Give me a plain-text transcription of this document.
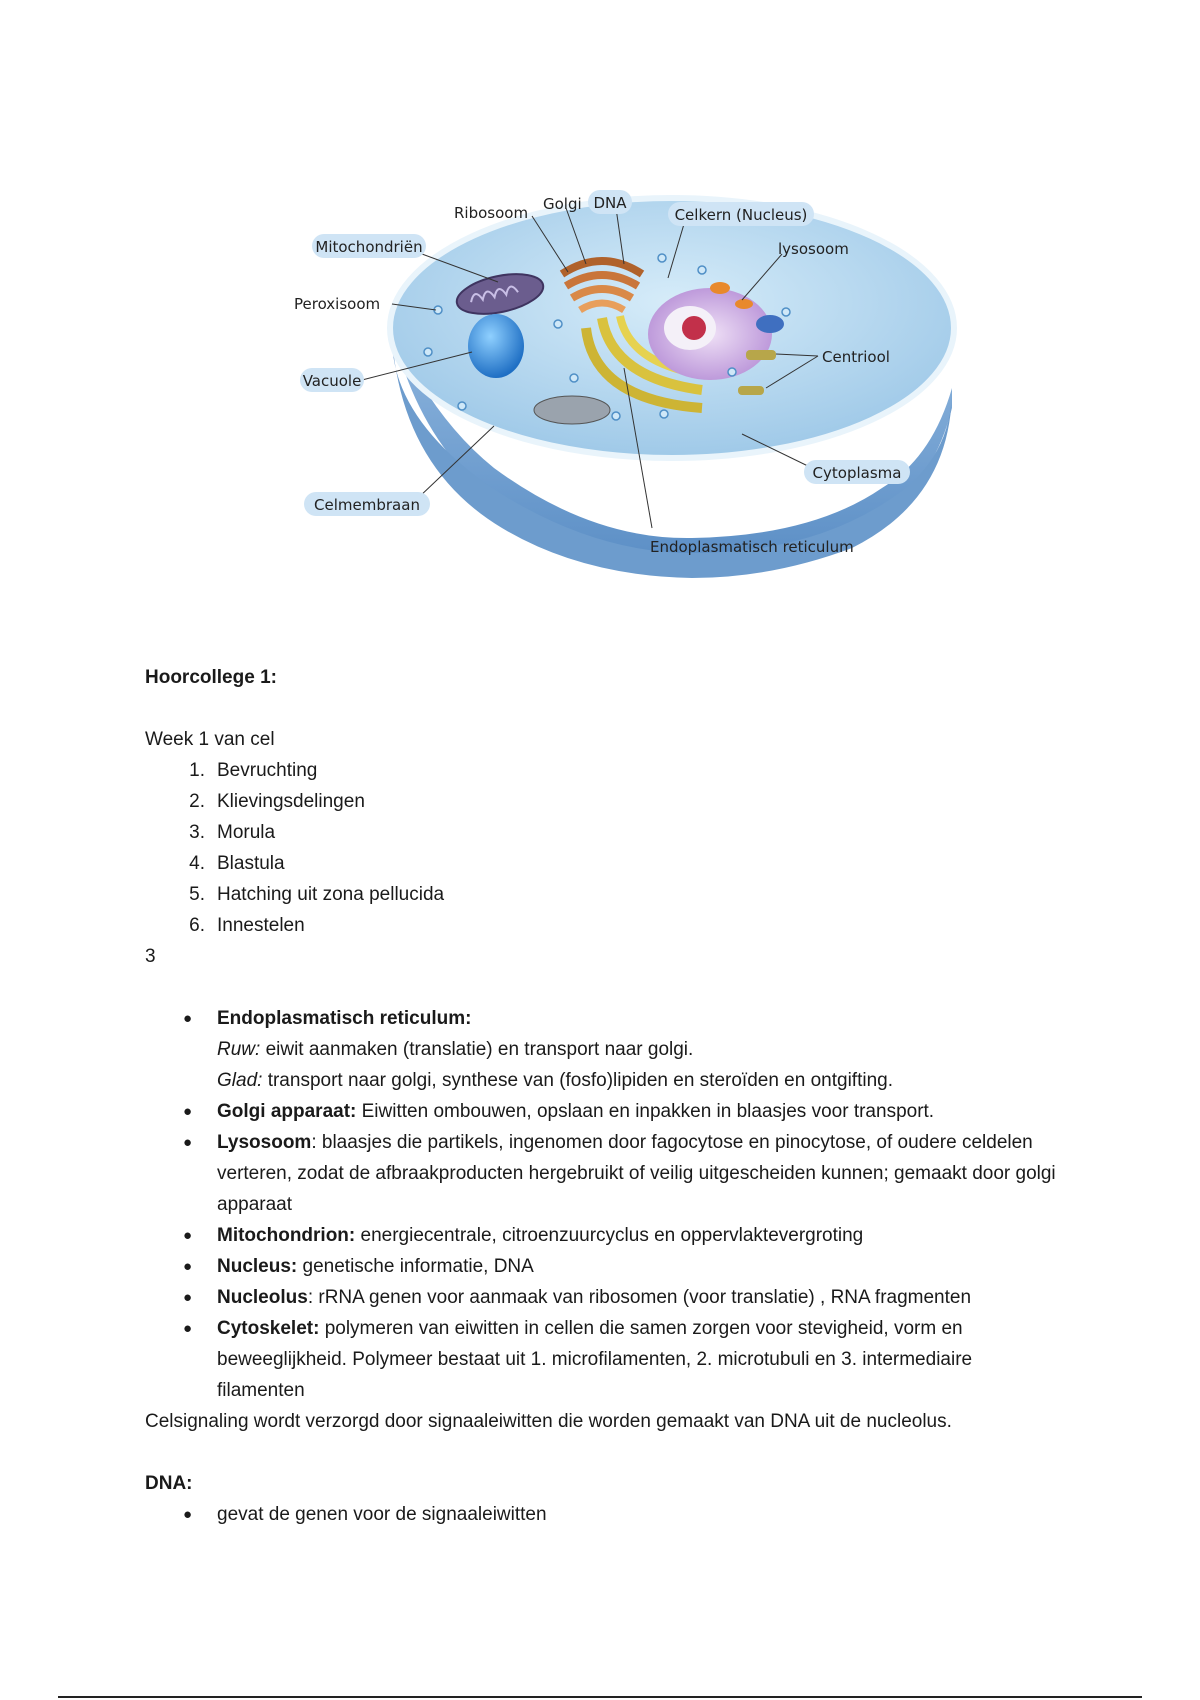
Ribosoom Golgi DNA
Celkern (Nucleus)
Mitochondriën	lysosoom
Peroxisoom
Centriool
Vacuole
Cytoplasma
Celmembraan
Endoplasmatisch reticulum
Hoorcollege 1:
Week 1 van cel
1. Bevruchting
2. Klievingsdelingen
3. Morula
4. Blastula
5. Hatching uit zona pellucida
6. Innestelen
3
●	Endoplasmatisch reticulum:
Ruw: eiwit aanmaken (translatie) en transport naar golgi.
Glad: transport naar golgi, synthese van (fosfo)lipiden en steroïden en ontgifting.
●	Golgi apparaat: Eiwitten ombouwen, opslaan en inpakken in blaasjes voor transport.
●	Lysosoom: blaasjes die partikels, ingenomen door fagocytose en pinocytose, of oudere celdelen verteren, zodat de afbraakproducten hergebruikt of veilig uitgescheiden kunnen; gemaakt door golgi apparaat
●	Mitochondrion: energiecentrale, citroenzuurcyclus en oppervlaktevergroting
●	Nucleus: genetische informatie, DNA
●	Nucleolus: rRNA genen voor aanmaak van ribosomen (voor translatie) , RNA fragmenten
●	Cytoskelet: polymeren van eiwitten in cellen die samen zorgen voor stevigheid, vorm en beweeglijkheid. Polymeer bestaat uit 1. microfilamenten, 2. microtubuli en 3. intermediaire filamenten
Celsignaling wordt verzorgd door signaaleiwitten die worden gemaakt van DNA uit de nucleolus.
DNA:
●	gevat de genen voor de signaaleiwitten
